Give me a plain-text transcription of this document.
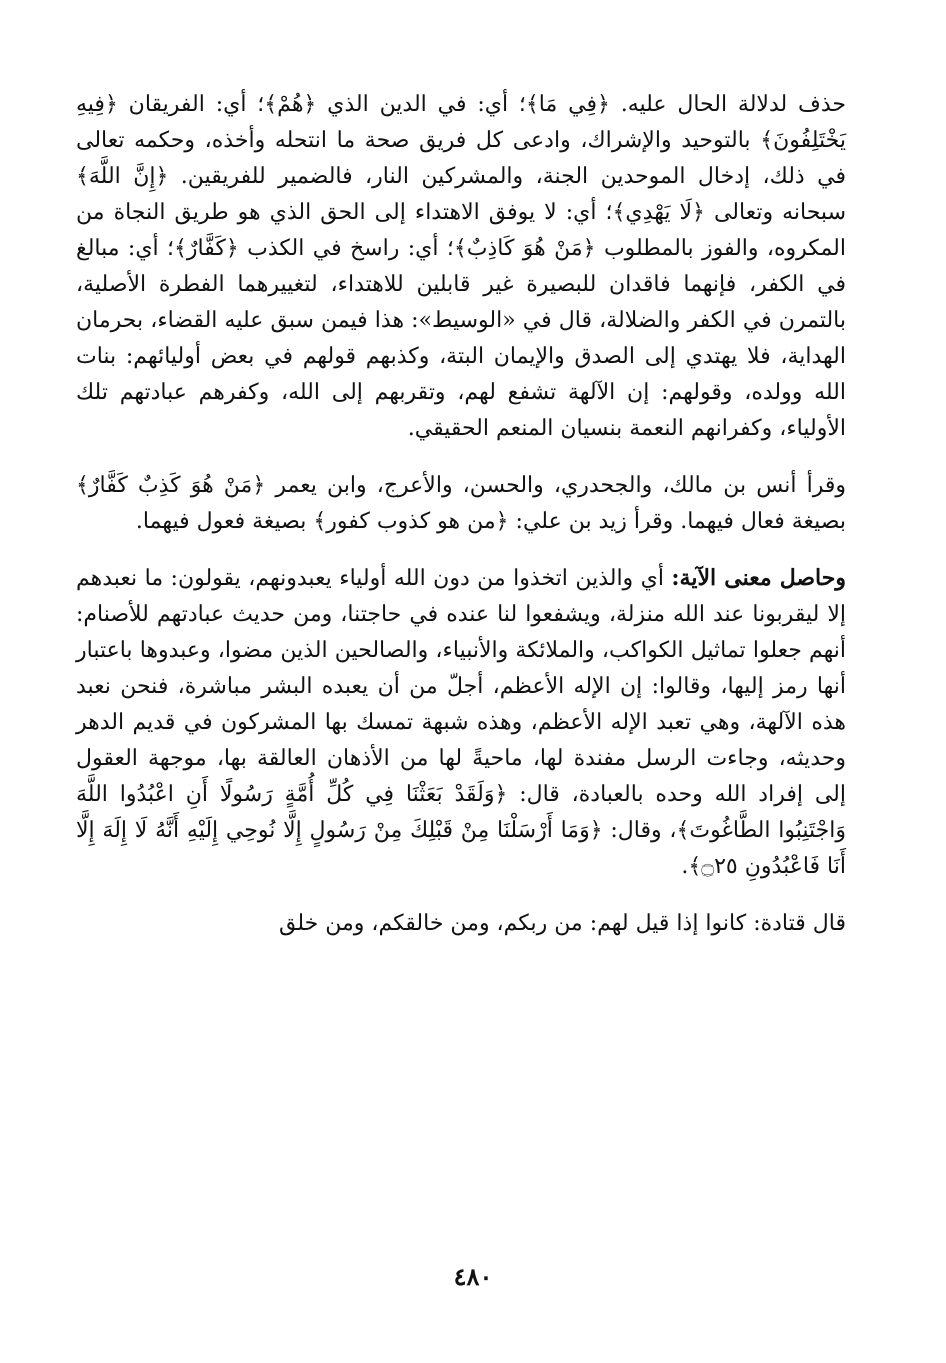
حذف لدلالة الحال عليه. ﴿فِي مَا﴾؛ أي: في الدين الذي ﴿هُمْ﴾؛ أي: الفريقان ﴿فِيهِ يَخْتَلِفُونَ﴾ بالتوحيد والإشراك، وادعى كل فريق صحة ما انتحله وأخذه، وحكمه تعالى في ذلك، إدخال الموحدين الجنة، والمشركين النار، فالضمير للفريقين. ﴿إِنَّ اللَّهَ﴾ سبحانه وتعالى ﴿لَا يَهْدِي﴾؛ أي: لا يوفق الاهتداء إلى الحق الذي هو طريق النجاة من المكروه، والفوز بالمطلوب ﴿مَنْ هُوَ كَاذِبٌ﴾؛ أي: راسخ في الكذب ﴿كَفَّارٌ﴾؛ أي: مبالغ في الكفر، فإنهما فاقدان للبصيرة غير قابلين للاهتداء، لتغييرهما الفطرة الأصلية، بالتمرن في الكفر والضلالة، قال في «الوسيط»: هذا فيمن سبق عليه القضاء، بحرمان الهداية، فلا يهتدي إلى الصدق والإيمان البتة، وكذبهم قولهم في بعض أوليائهم: بنات الله وولده، وقولهم: إن الآلهة تشفع لهم، وتقربهم إلى الله، وكفرهم عبادتهم تلك الأولياء، وكفرانهم النعمة بنسيان المنعم الحقيقي.

وقرأ أنس بن مالك، والجحدري، والحسن، والأعرج، وابن يعمر ﴿مَنْ هُوَ كَذِبٌ كَفَّارٌ﴾ بصيغة فعال فيهما. وقرأ زيد بن علي: ﴿من هو كذوب كفور﴾ بصيغة فعول فيهما.

وحاصل معنى الآية: أي والذين اتخذوا من دون الله أولياء يعبدونهم، يقولون: ما نعبدهم إلا ليقربونا عند الله منزلة، ويشفعوا لنا عنده في حاجتنا، ومن حديث عبادتهم للأصنام: أنهم جعلوا تماثيل الكواكب، والملائكة والأنبياء، والصالحين الذين مضوا، وعبدوها باعتبار أنها رمز إليها، وقالوا: إن الإله الأعظم، أجلّ من أن يعبده البشر مباشرة، فنحن نعبد هذه الآلهة، وهي تعبد الإله الأعظم، وهذه شبهة تمسك بها المشركون في قديم الدهر وحديثه، وجاءت الرسل مفندة لها، ماحيةً لها من الأذهان العالقة بها، موجهة العقول إلى إفراد الله وحده بالعبادة، قال: ﴿وَلَقَدْ بَعَثْنَا فِي كُلِّ أُمَّةٍ رَسُولًا أَنِ اعْبُدُوا اللَّهَ وَاجْتَنِبُوا الطَّاغُوتَ﴾، وقال: ﴿وَمَا أَرْسَلْنَا مِنْ قَبْلِكَ مِنْ رَسُولٍ إِلَّا نُوحِي إِلَيْهِ أَنَّهُ لَا إِلَهَ إِلَّا أَنَا فَاعْبُدُونِ ۝٢٥﴾.

قال قتادة: كانوا إذا قيل لهم: من ربكم، ومن خالقكم، ومن خلق

٤٨٠
